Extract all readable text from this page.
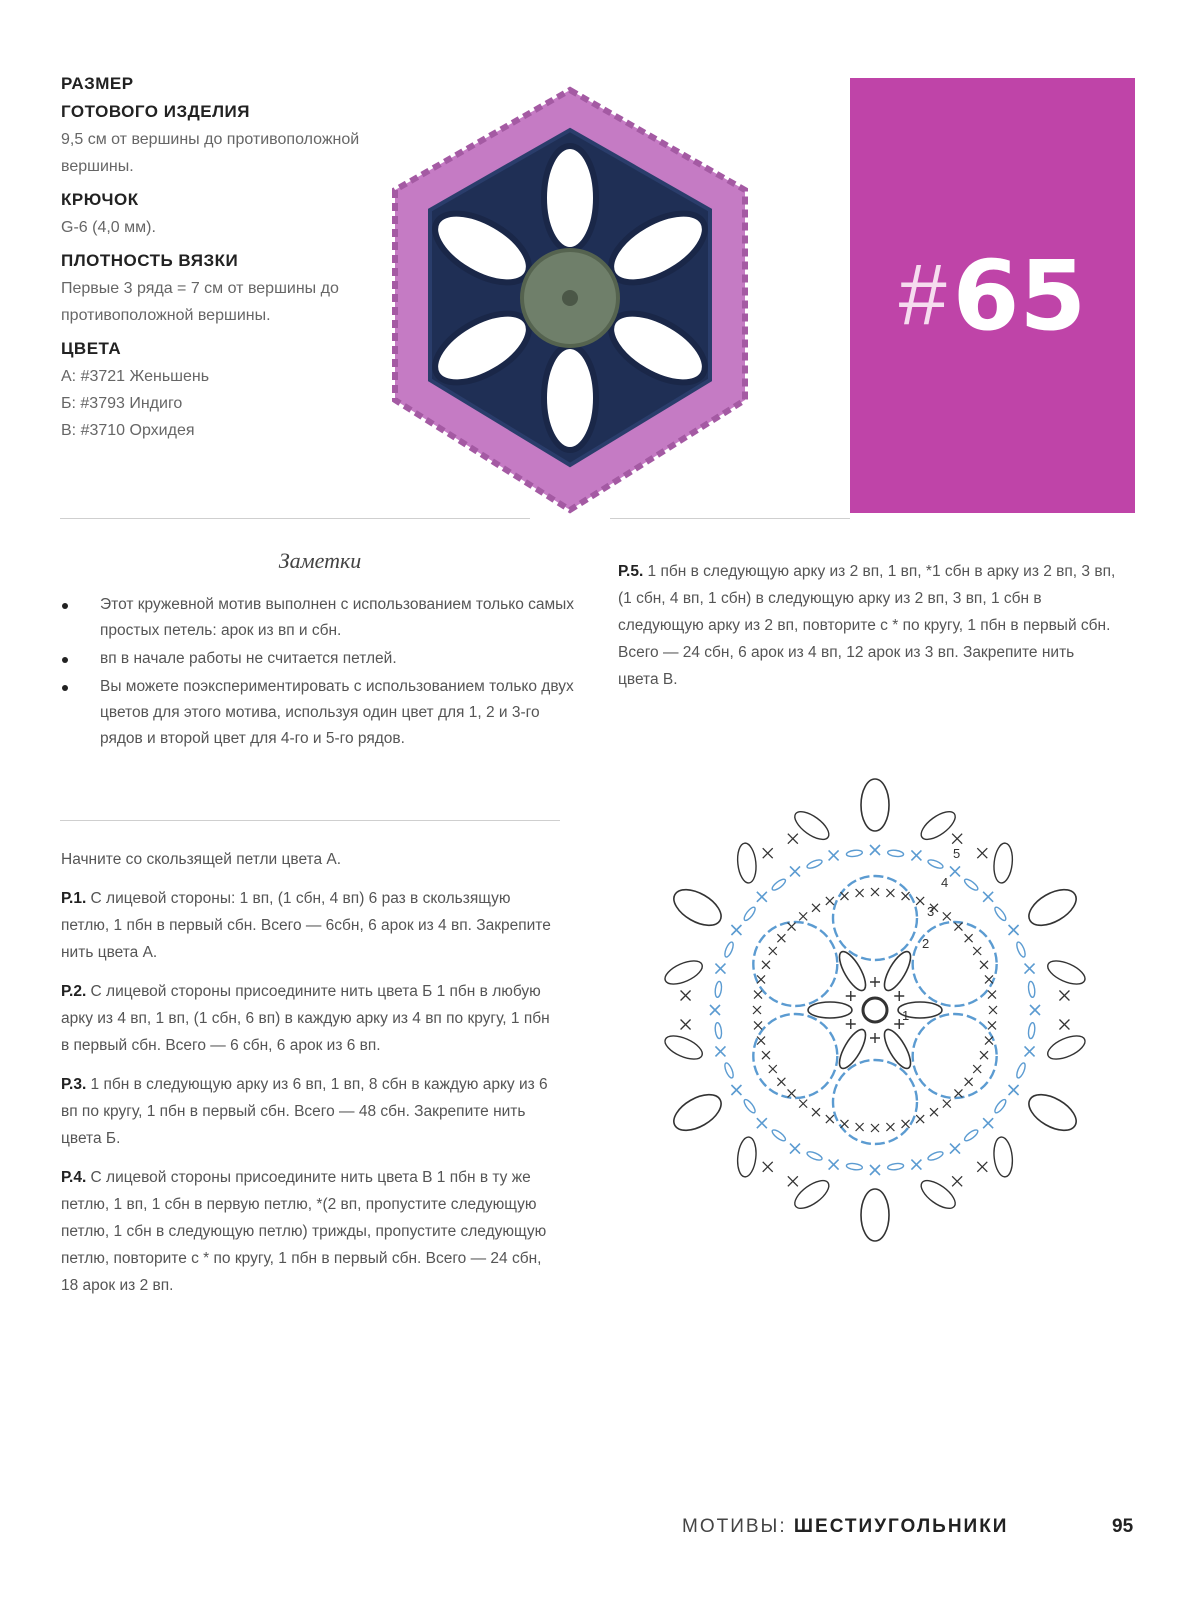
РАЗМЕР

ГОТОВОГО ИЗДЕЛИЯ

9,5 см от вершины до противоположной вершины.

КРЮЧОК

G-6 (4,0 мм).

ПЛОТНОСТЬ ВЯЗКИ

Первые 3 ряда = 7 см от вершины до противоположной вершины.

ЦВЕТА

А: #3721 Женьшень

Б: #3793 Индиго

В: #3710 Орхидея

# 65

Заметки

Этот кружевной мотив выполнен с использованием только самых простых петель: арок из вп и сбн.
вп в начале работы не считается петлей.
Вы можете поэкспериментировать с использованием только двух цветов для этого мотива, используя один цвет для 1, 2 и 3-го рядов и второй цвет для 4-го и 5-го рядов.

Р.5. 1 пбн в следующую арку из 2 вп, 1 вп, *1 сбн в арку из 2 вп, 3 вп, (1 сбн, 4 вп, 1 сбн) в следующую арку из 2 вп, 3 вп, 1 сбн в следующую арку из 2 вп, повторите с * по кругу, 1 пбн в первый сбн. Всего — 24 сбн, 6 арок из 4 вп, 12 арок из 3 вп. Закрепите нить цвета В.

Начните со скользящей петли цвета А.

Р.1. С лицевой стороны: 1 вп, (1 сбн, 4 вп) 6 раз в скользящую петлю, 1 пбн в первый сбн. Всего — 6сбн, 6 арок из 4 вп. Закрепите нить цвета А.

Р.2. С лицевой стороны присоедините нить цвета Б 1 пбн в любую арку из 4 вп, 1 вп, (1 сбн, 6 вп) в каждую арку из 4 вп по кругу, 1 пбн в первый сбн. Всего — 6 сбн, 6 арок из 6 вп.

Р.3. 1 пбн в следующую арку из 6 вп, 1 вп, 8 сбн в каждую арку из 6 вп по кругу, 1 пбн в первый сбн. Всего — 48 сбн. Закрепите нить цвета Б.

Р.4. С лицевой стороны присоедините нить цвета В 1 пбн в ту же петлю, 1 вп, 1 сбн в первую петлю, *(2 вп, пропустите следующую петлю, 1 сбн в следующую петлю) трижды, пропустите следующую петлю, повторите с * по кругу, 1 пбн в первый сбн. Всего — 24 сбн, 18 арок из 2 вп.

1
2
3
4
5
МОТИВЫ: ШЕСТИУГОЛЬНИКИ	95
